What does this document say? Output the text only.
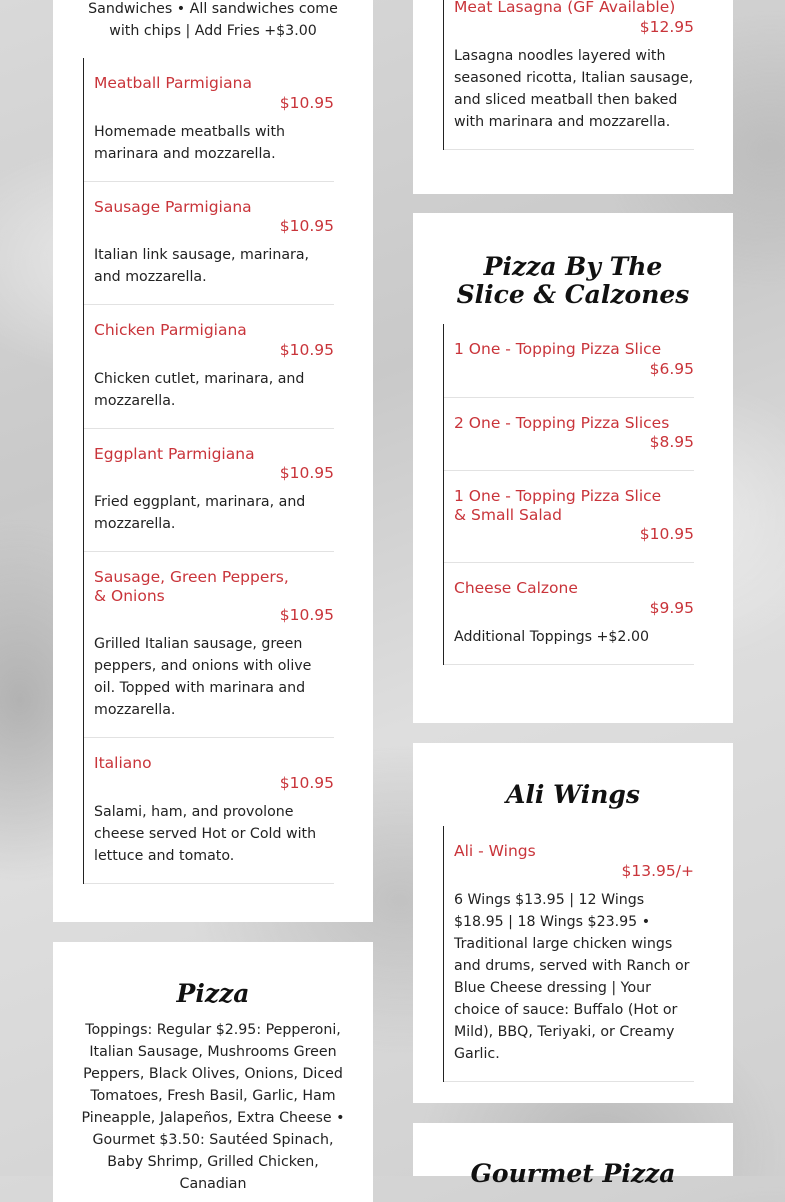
Sandwiches • All sandwiches come with chips | Add Fries +$3.00

Meatball Parmigiana
$10.95
Homemade meatballs with marinara and mozzarella.
Sausage Parmigiana
$10.95
Italian link sausage, marinara, and mozzarella.
Chicken Parmigiana
$10.95
Chicken cutlet, marinara, and mozzarella.
Eggplant Parmigiana
$10.95
Fried eggplant, marinara, and mozzarella.
Sausage, Green Peppers, & Onions
$10.95
Grilled Italian sausage, green peppers, and onions with olive oil. Topped with marinara and mozzarella.
Italiano
$10.95
Salami, ham, and provolone cheese served Hot or Cold with lettuce and tomato.
Pizza

Toppings: Regular $2.95: Pepperoni, Italian Sausage, Mushrooms Green Peppers, Black Olives, Onions, Diced Tomatoes, Fresh Basil, Garlic, Ham Pineapple, Jalapeños, Extra Cheese • Gourmet $3.50: Sautéed Spinach, Baby Shrimp, Grilled Chicken, Canadian

Meat Lasagna (GF Available)
$12.95
Lasagna noodles layered with seasoned ricotta, Italian sausage, and sliced meatball then baked with marinara and mozzarella.
Pizza By The Slice & Calzones
1 One - Topping Pizza Slice
$6.95
2 One - Topping Pizza Slices
$8.95
1 One - Topping Pizza Slice & Small Salad
$10.95
Cheese Calzone
$9.95
Additional Toppings +$2.00
Ali Wings
Ali - Wings
$13.95/+
6 Wings $13.95 | 12 Wings $18.95 | 18 Wings $23.95 • Traditional large chicken wings and drums, served with Ranch or Blue Cheese dressing | Your choice of sauce: Buffalo (Hot or Mild), BBQ, Teriyaki, or Creamy Garlic.
Gourmet Pizza
